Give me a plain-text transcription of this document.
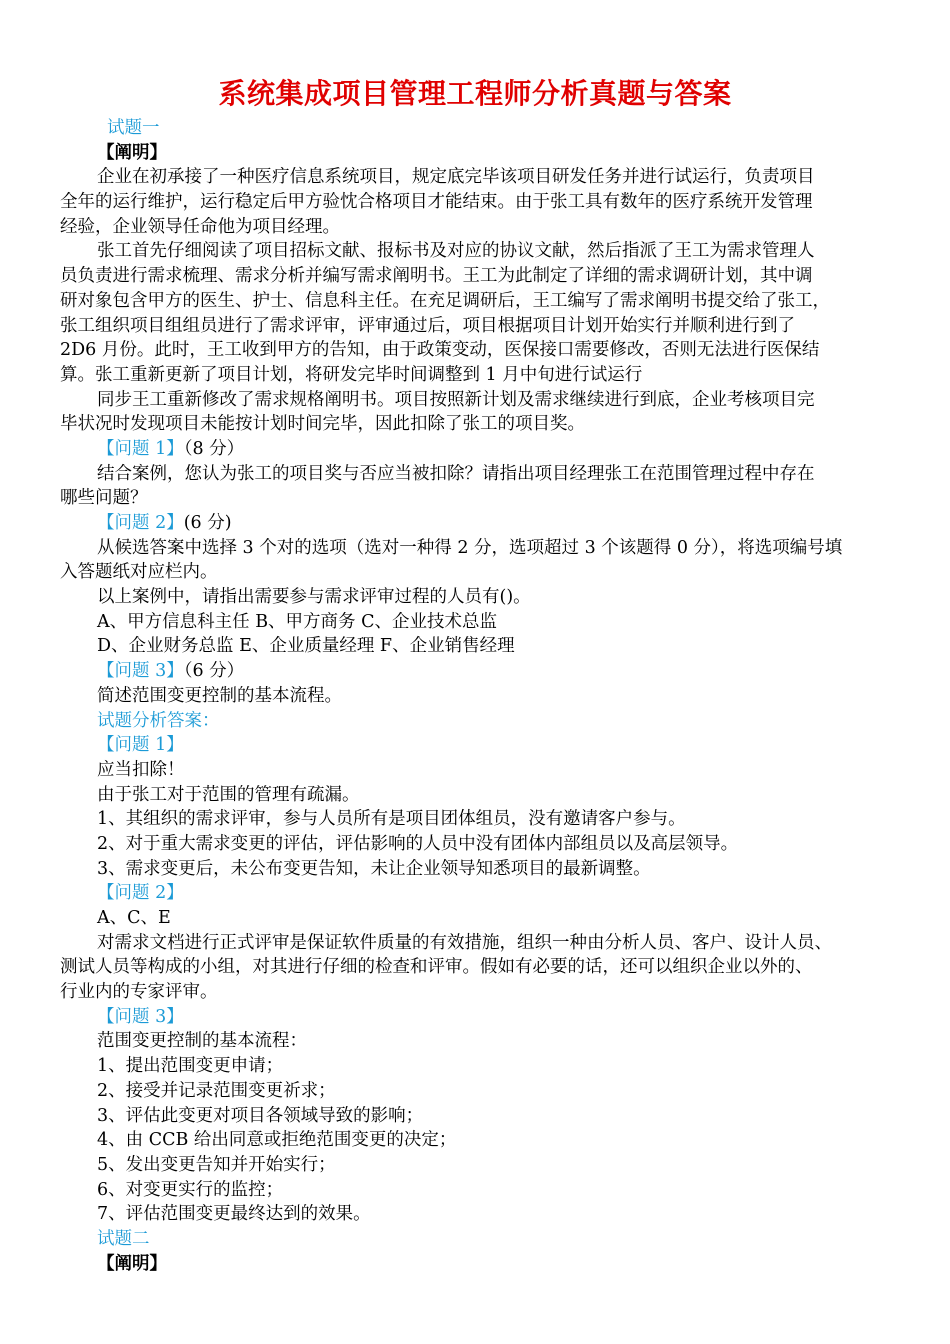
系统集成项目管理工程师分析真题与答案
试题一
【阐明】
企业在初承接了一种医疗信息系统项目，规定底完毕该项目研发任务并进行试运行，负责项目
全年的运行维护，运行稳定后甲方验忱合格项目才能结束。由于张工具有数年的医疗系统开发管理
经验，企业领导任命他为项目经理。
张工首先仔细阅读了项目招标文献、报标书及对应的协议文献，然后指派了王工为需求管理人
员负责进行需求梳理、需求分析并编写需求阐明书。王工为此制定了详细的需求调研计划，其中调
研对象包含甲方的医生、护士、信息科主任。在充足调研后，王工编写了需求阐明书提交给了张工，
张工组织项目组组员进行了需求评审，评审通过后，项目根据项目计划开始实行并顺利进行到了
2D6 月份。此时，王工收到甲方的告知，由于政策变动，医保接口需要修改，否则无法进行医保结
算。张工重新更新了项目计划，将研发完毕时间调整到 1 月中旬进行试运行
同步王工重新修改了需求规格阐明书。项目按照新计划及需求继续进行到底，企业考核项目完
毕状况时发现项目未能按计划时间完毕，因此扣除了张工的项目奖。
【问题 1】（8 分）
结合案例，您认为张工的项目奖与否应当被扣除？请指出项目经理张工在范围管理过程中存在
哪些问题？
【问题 2】(6 分)
从候选答案中选择 3 个对的选项（选对一种得 2 分，选项超过 3 个该题得 0 分），将选项编号填
入答题纸对应栏内。
以上案例中，请指出需要参与需求评审过程的人员有()。
A、甲方信息科主任 B、甲方商务 C、企业技术总监
D、企业财务总监 E、企业质量经理 F、企业销售经理
【问题 3】（6 分）
简述范围变更控制的基本流程。
试题分析答案：
【问题 1】
应当扣除！
由于张工对于范围的管理有疏漏。
1、其组织的需求评审，参与人员所有是项目团体组员，没有邀请客户参与。
2、对于重大需求变更的评估，评估影响的人员中没有团体内部组员以及高层领导。
3、需求变更后，未公布变更告知，未让企业领导知悉项目的最新调整。
【问题 2】
A、C、E
对需求文档进行正式评审是保证软件质量的有效措施，组织一种由分析人员、客户、设计人员、
测试人员等构成的小组，对其进行仔细的检查和评审。假如有必要的话，还可以组织企业以外的、
行业内的专家评审。
【问题 3】
范围变更控制的基本流程：
1、提出范围变更申请；
2、接受并记录范围变更祈求；
3、评估此变更对项目各领域导致的影响；
4、由 CCB 给出同意或拒绝范围变更的决定；
5、发出变更告知并开始实行；
6、对变更实行的监控；
7、评估范围变更最终达到的效果。
试题二
【阐明】
